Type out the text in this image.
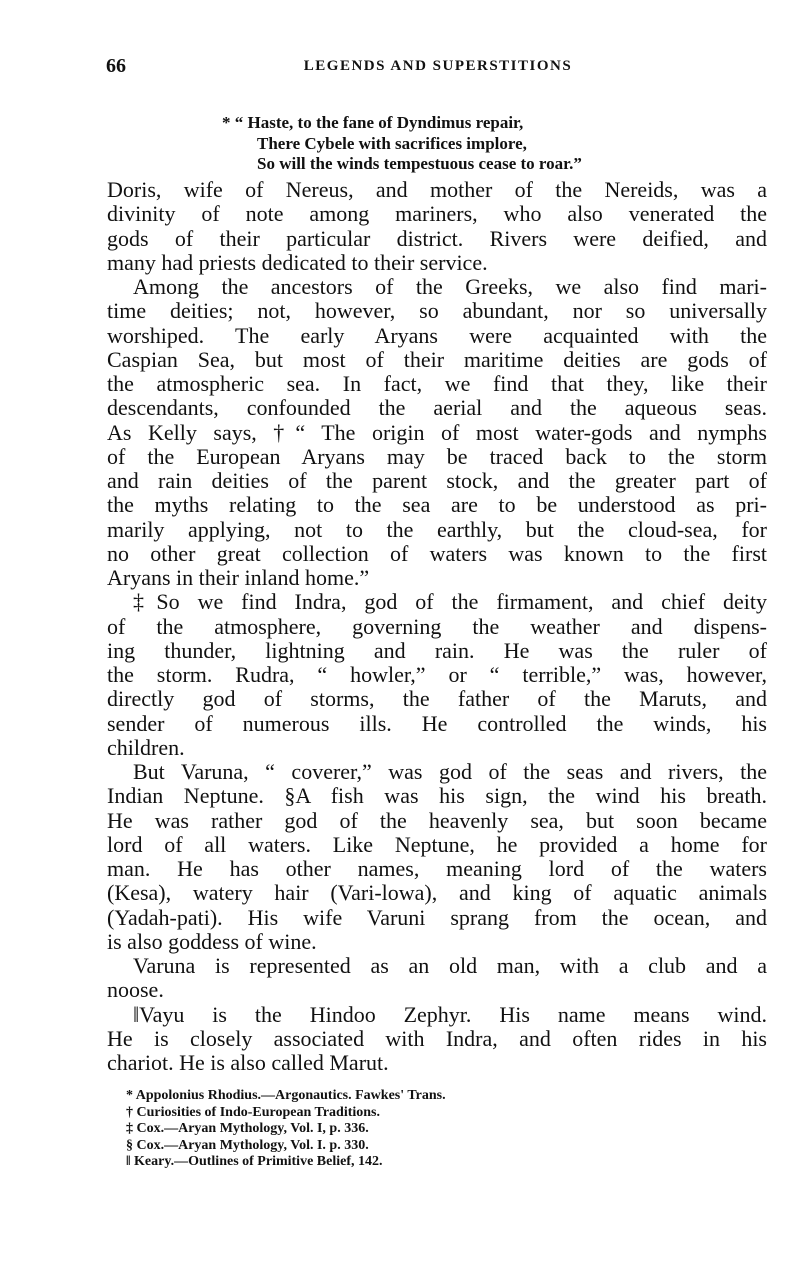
66	LEGENDS AND SUPERSTITIONS
* “ Haste, to the fane of Dyndimus repair,
There Cybele with sacrifices implore,
So will the winds tempestuous cease to roar.”
Doris, wife of Nereus, and mother of the Nereids, was a
divinity of note among mariners, who also venerated the
gods of their particular district. Rivers were deified, and
many had priests dedicated to their service.
Among the ancestors of the Greeks, we also find mari-
time deities; not, however, so abundant, nor so universally
worshiped. The early Aryans were acquainted with the
Caspian Sea, but most of their maritime deities are gods of
the atmospheric sea. In fact, we find that they, like their
descendants, confounded the aerial and the aqueous seas.
As Kelly says, †“ The origin of most water-gods and nymphs
of the European Aryans may be traced back to the storm
and rain deities of the parent stock, and the greater part of
the myths relating to the sea are to be understood as pri-
marily applying, not to the earthly, but the cloud-sea, for
no other great collection of waters was known to the first
Aryans in their inland home.”
‡So we find Indra, god of the firmament, and chief deity
of the atmosphere, governing the weather and dispens-
ing thunder, lightning and rain. He was the ruler of
the storm. Rudra, “ howler,” or “ terrible,” was, however,
directly god of storms, the father of the Maruts, and
sender of numerous ills. He controlled the winds, his
children.
But Varuna, “ coverer,” was god of the seas and rivers, the
Indian Neptune. §A fish was his sign, the wind his breath.
He was rather god of the heavenly sea, but soon became
lord of all waters. Like Neptune, he provided a home for
man. He has other names, meaning lord of the waters
(Kesa), watery hair (Vari-lowa), and king of aquatic animals
(Yadah-pati). His wife Varuni sprang from the ocean, and
is also goddess of wine.
Varuna is represented as an old man, with a club and a
noose.
‖Vayu is the Hindoo Zephyr. His name means wind.
He is closely associated with Indra, and often rides in his
chariot. He is also called Marut.
* Appolonius Rhodius.—Argonautics. Fawkes' Trans.
† Curiosities of Indo-European Traditions.
‡ Cox.—Aryan Mythology, Vol. I, p. 336.
§ Cox.—Aryan Mythology, Vol. I. p. 330.
‖ Keary.—Outlines of Primitive Belief, 142.
